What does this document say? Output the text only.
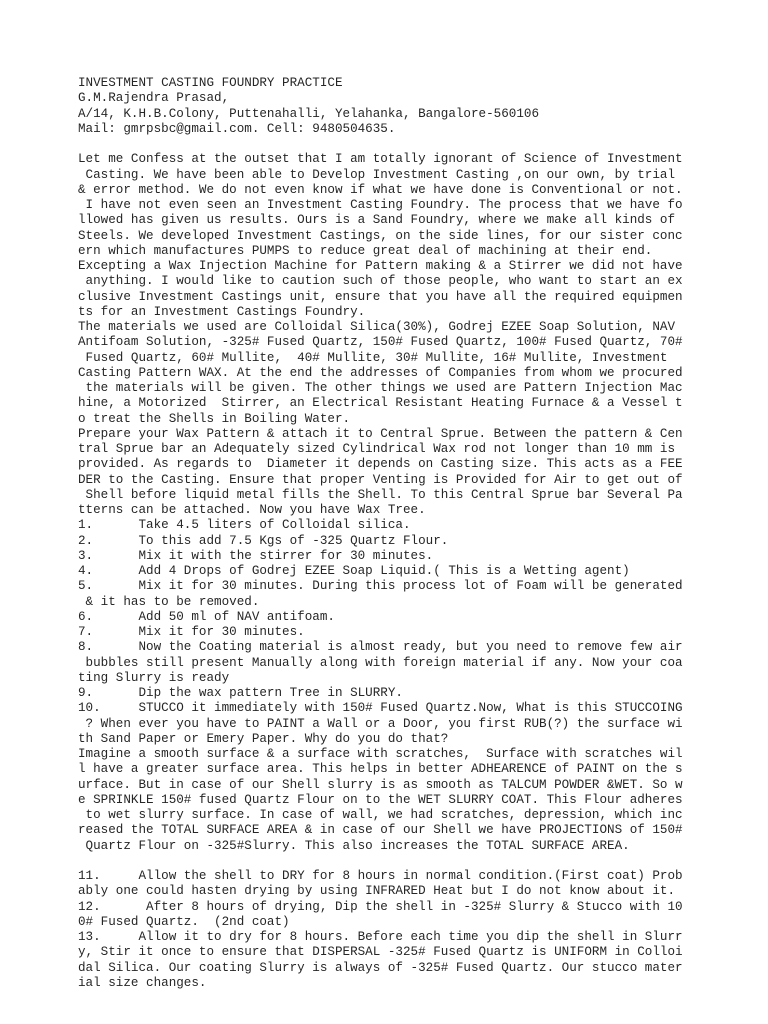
INVESTMENT CASTING FOUNDRY PRACTICE
G.M.Rajendra Prasad,
A/14, K.H.B.Colony, Puttenahalli, Yelahanka, Bangalore-560106
Mail: gmrpsbc@gmail.com. Cell: 9480504635.
Let me Confess at the outset that I am totally ignorant of Science of Investment
Casting. We have been able to Develop Investment Casting ,on our own, by trial
& error method. We do not even know if what we have done is Conventional or not.
I have not even seen an Investment Casting Foundry. The process that we have fo
llowed has given us results. Ours is a Sand Foundry, where we make all kinds of
Steels. We developed Investment Castings, on the side lines, for our sister conc
ern which manufactures PUMPS to reduce great deal of machining at their end.
Excepting a Wax Injection Machine for Pattern making & a Stirrer we did not have
anything. I would like to caution such of those people, who want to start an ex
clusive Investment Castings unit, ensure that you have all the required equipmen
ts for an Investment Castings Foundry.
The materials we used are Colloidal Silica(30%), Godrej EZEE Soap Solution, NAV
Antifoam Solution, -325# Fused Quartz, 150# Fused Quartz, 100# Fused Quartz, 70#
Fused Quartz, 60# Mullite,  40# Mullite, 30# Mullite, 16# Mullite, Investment
Casting Pattern WAX. At the end the addresses of Companies from whom we procured
the materials will be given. The other things we used are Pattern Injection Mac
hine, a Motorized  Stirrer, an Electrical Resistant Heating Furnace & a Vessel t
o treat the Shells in Boiling Water.
Prepare your Wax Pattern & attach it to Central Sprue. Between the pattern & Cen
tral Sprue bar an Adequately sized Cylindrical Wax rod not longer than 10 mm is
provided. As regards to  Diameter it depends on Casting size. This acts as a FEE
DER to the Casting. Ensure that proper Venting is Provided for Air to get out of
Shell before liquid metal fills the Shell. To this Central Sprue bar Several Pa
tterns can be attached. Now you have Wax Tree.
1.      Take 4.5 liters of Colloidal silica.
2.      To this add 7.5 Kgs of -325 Quartz Flour.
3.      Mix it with the stirrer for 30 minutes.
4.      Add 4 Drops of Godrej EZEE Soap Liquid.( This is a Wetting agent)
5.      Mix it for 30 minutes. During this process lot of Foam will be generated
& it has to be removed.
6.      Add 50 ml of NAV antifoam.
7.      Mix it for 30 minutes.
8.      Now the Coating material is almost ready, but you need to remove few air
bubbles still present Manually along with foreign material if any. Now your coa
ting Slurry is ready
9.      Dip the wax pattern Tree in SLURRY.
10.     STUCCO it immediately with 150# Fused Quartz.Now, What is this STUCCOING
? When ever you have to PAINT a Wall or a Door, you first RUB(?) the surface wi
th Sand Paper or Emery Paper. Why do you do that?
Imagine a smooth surface & a surface with scratches,  Surface with scratches wil
l have a greater surface area. This helps in better ADHEARENCE of PAINT on the s
urface. But in case of our Shell slurry is as smooth as TALCUM POWDER &WET. So w
e SPRINKLE 150# fused Quartz Flour on to the WET SLURRY COAT. This Flour adheres
to wet slurry surface. In case of wall, we had scratches, depression, which inc
reased the TOTAL SURFACE AREA & in case of our Shell we have PROJECTIONS of 150#
Quartz Flour on -325#Slurry. This also increases the TOTAL SURFACE AREA.
11.     Allow the shell to DRY for 8 hours in normal condition.(First coat) Prob
ably one could hasten drying by using INFRARED Heat but I do not know about it.
12.      After 8 hours of drying, Dip the shell in -325# Slurry & Stucco with 10
0# Fused Quartz.  (2nd coat)
13.     Allow it to dry for 8 hours. Before each time you dip the shell in Slurr
y, Stir it once to ensure that DISPERSAL -325# Fused Quartz is UNIFORM in Colloi
dal Silica. Our coating Slurry is always of -325# Fused Quartz. Our stucco mater
ial size changes.
